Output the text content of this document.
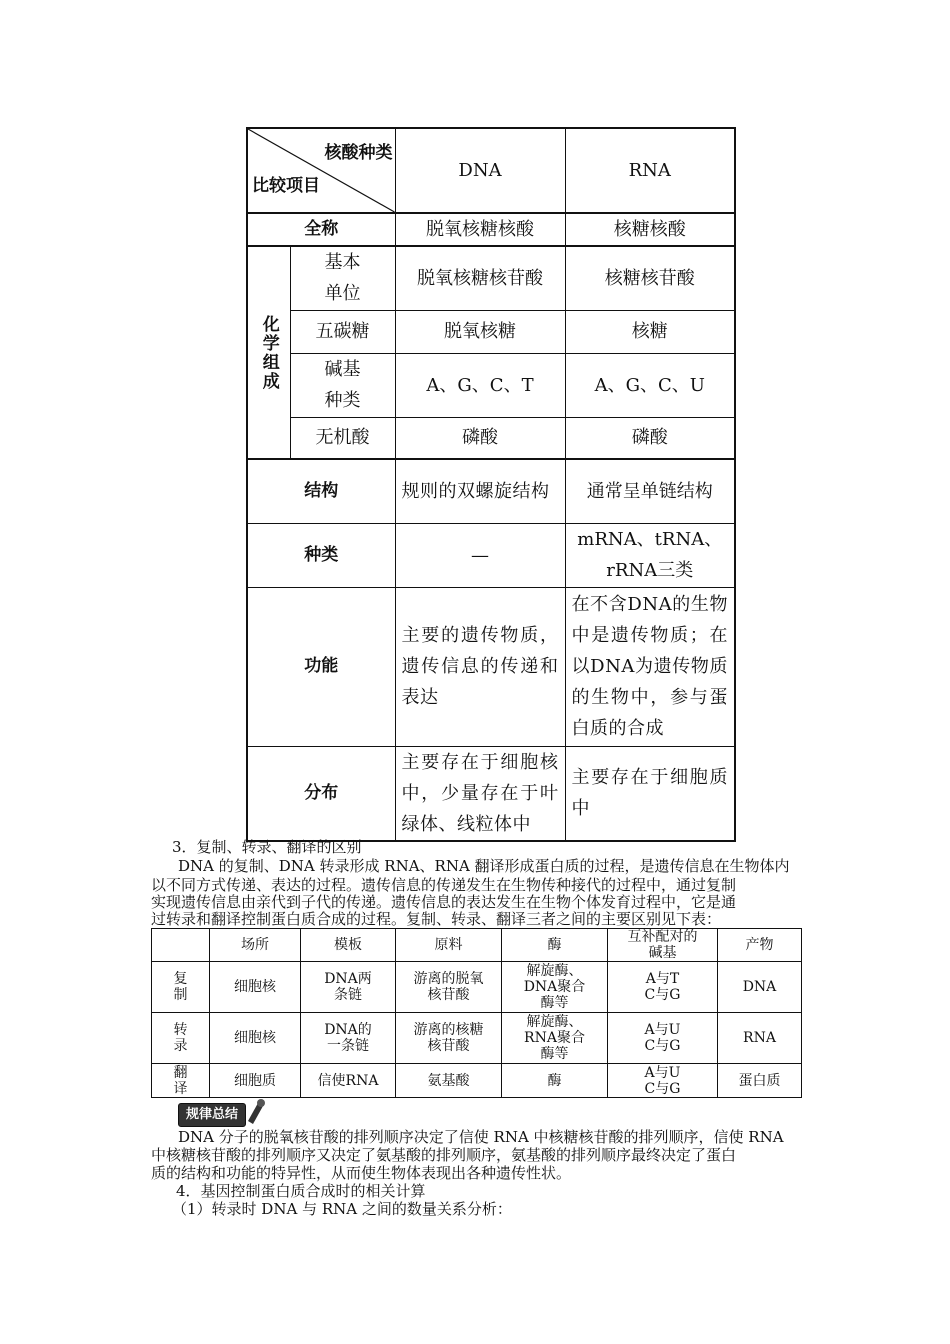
核酸种类
比较项目		DNA	RNA
全称		脱氧核糖核酸	核糖核酸

化学组成	基本单位	脱氧核糖核苷酸	核糖核苷酸
	五碳糖	脱氧核糖	核糖

	碱基种类	A、G、C、T	A、G、C、U
	无机酸	磷酸	磷酸
结构		规则的双螺旋结构	通常呈单链结构
种类		—	mRNA、tRNA、rRNA三类

功能		主要的遗传物质，遗传信息的传递和表达	在不含DNA的生物中是遗传物质；在以DNA为遗传物质的生物中，参与蛋白质的合成
分布		主要存在于细胞核中，少量存在于叶绿体、线粒体中	主要存在于细胞质中
3．复制、转录、翻译的区别
DNA 的复制、DNA 转录形成 RNA、RNA 翻译形成蛋白质的过程，是遗传信息在生物体内
以不同方式传递、表达的过程。遗传信息的传递发生在生物传种接代的过程中，通过复制
实现遗传信息由亲代到子代的传递。遗传信息的表达发生在生物个体发育过程中，它是通
过转录和翻译控制蛋白质合成的过程。复制、转录、翻译三者之间的主要区别见下表：
	场所	模板	原料	酶	互补配对的碱基	产物

复制	细胞核	DNA两条链	游离的脱氧核苷酸	解旋酶、DNA聚合酶等	A与T C与G	DNA

转录	细胞核	DNA的一条链	游离的核糖核苷酸	解旋酶、RNA聚合酶等	A与U C与G	RNA

翻译	细胞质	信使RNA	氨基酸	酶	A与U C与G	蛋白质
规律总结
DNA 分子的脱氧核苷酸的排列顺序决定了信使 RNA 中核糖核苷酸的排列顺序，信使 RNA
中核糖核苷酸的排列顺序又决定了氨基酸的排列顺序，氨基酸的排列顺序最终决定了蛋白
质的结构和功能的特异性，从而使生物体表现出各种遗传性状。
4．基因控制蛋白质合成时的相关计算
（1）转录时 DNA 与 RNA 之间的数量关系分析：
